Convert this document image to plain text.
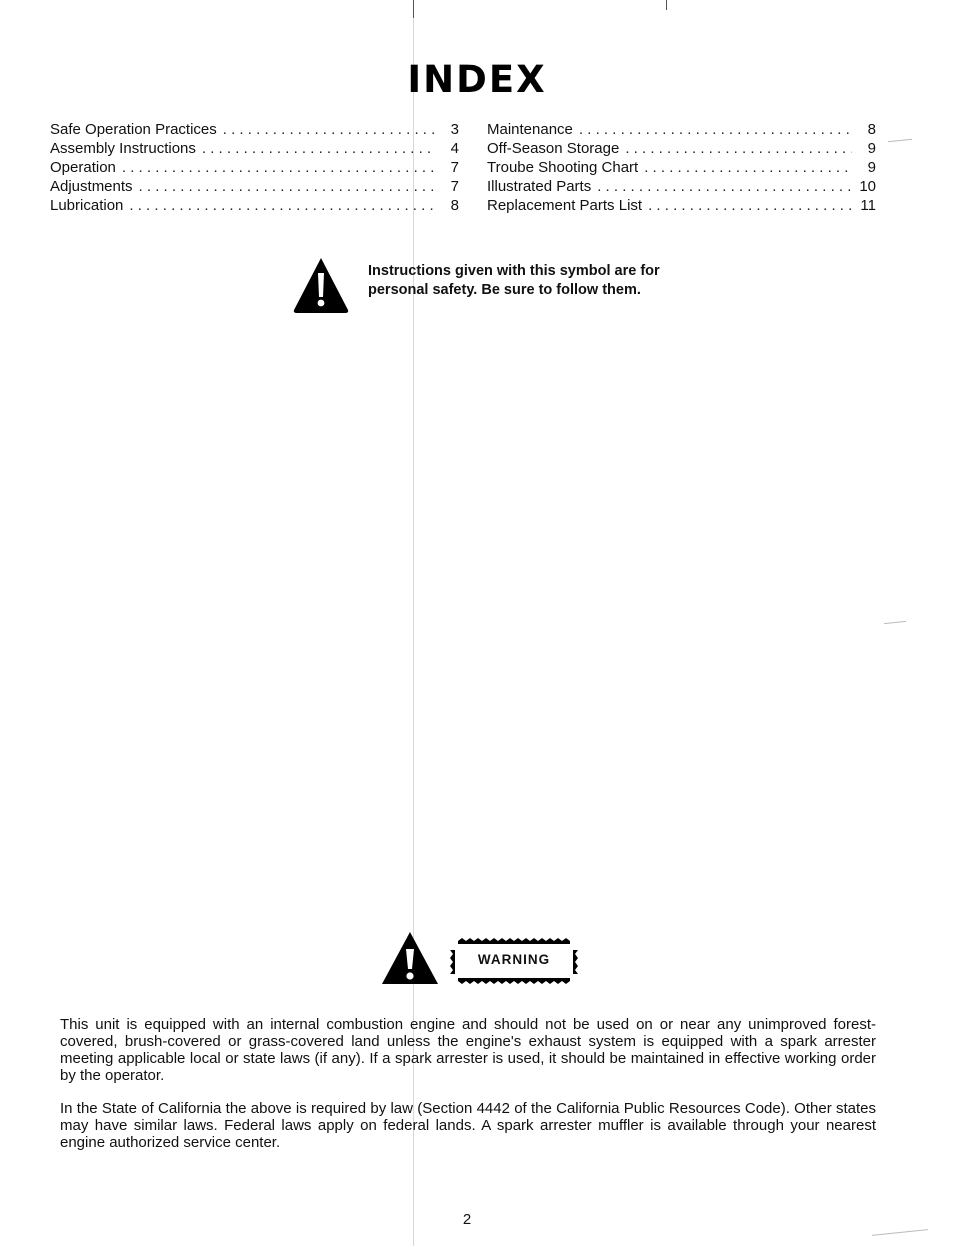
INDEX
Safe Operation Practices . . .	3
Assembly Instructions . . .	4
Operation . . .	7
Adjustments . . .	7
Lubrication . . .	8
Maintenance . . .	8
Off-Season Storage . . .	9
Troube Shooting Chart . . .	9
Illustrated Parts . . .	10
Replacement Parts List . . .	11
Instructions given with this symbol are for personal safety. Be sure to follow them.
WARNING
This unit is equipped with an internal combustion engine and should not be used on or near any unimproved forest-covered, brush-covered or grass-covered land unless the engine's exhaust system is equipped with a spark arrester meeting applicable local or state laws (if any). If a spark arrester is used, it should be maintained in effective working order by the operator.
In the State of California the above is required by law (Section 4442 of the California Public Resources Code). Other states may have similar laws. Federal laws apply on federal lands. A spark arrester muffler is available through your nearest engine authorized service center.
2
